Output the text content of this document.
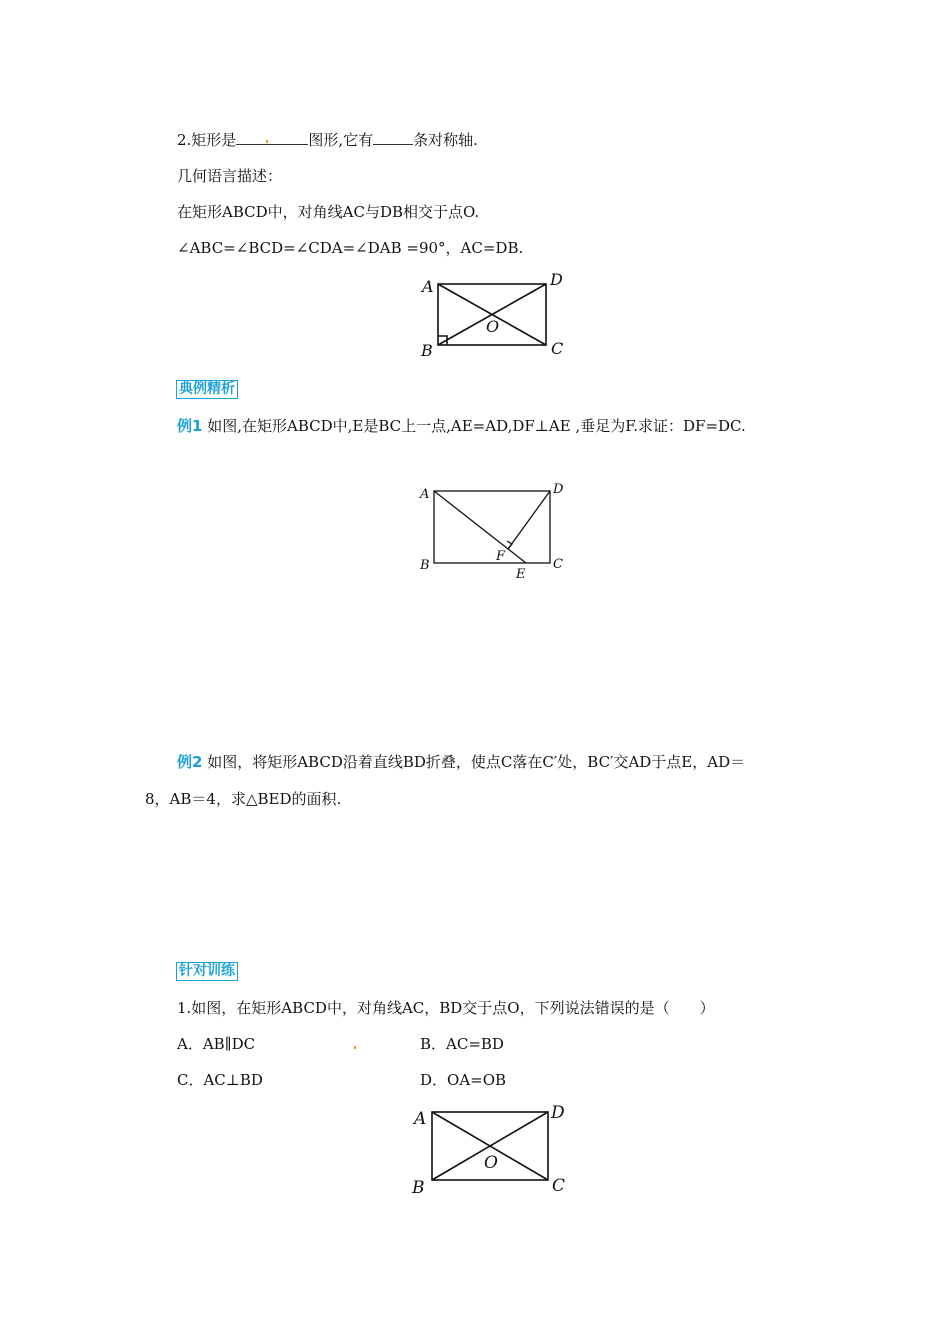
2.矩形是	图形,它有	条对称轴.
几何语言描述：
在矩形ABCD中，对角线AC与DB相交于点O.
∠ABC=∠BCD=∠CDA=∠DAB =90°，AC=DB.
A	D
O
B	C
典例精析
例1 如图,在矩形ABCD中,E是BC上一点,AE=AD,DF⊥AE ,垂足为F.求证：DF=DC.
A	D
B
F
C
E
例2 如图，将矩形ABCD沿着直线BD折叠，使点C落在C′处，BC′交AD于点E，AD＝
8，AB＝4，求△BED的面积.
针对训练
1.如图，在矩形ABCD中，对角线AC，BD交于点O，下列说法错误的是（　　）
A．AB∥DC	B．AC=BD
C．AC⊥BD	D．OA=OB
A	D
O
B	C
